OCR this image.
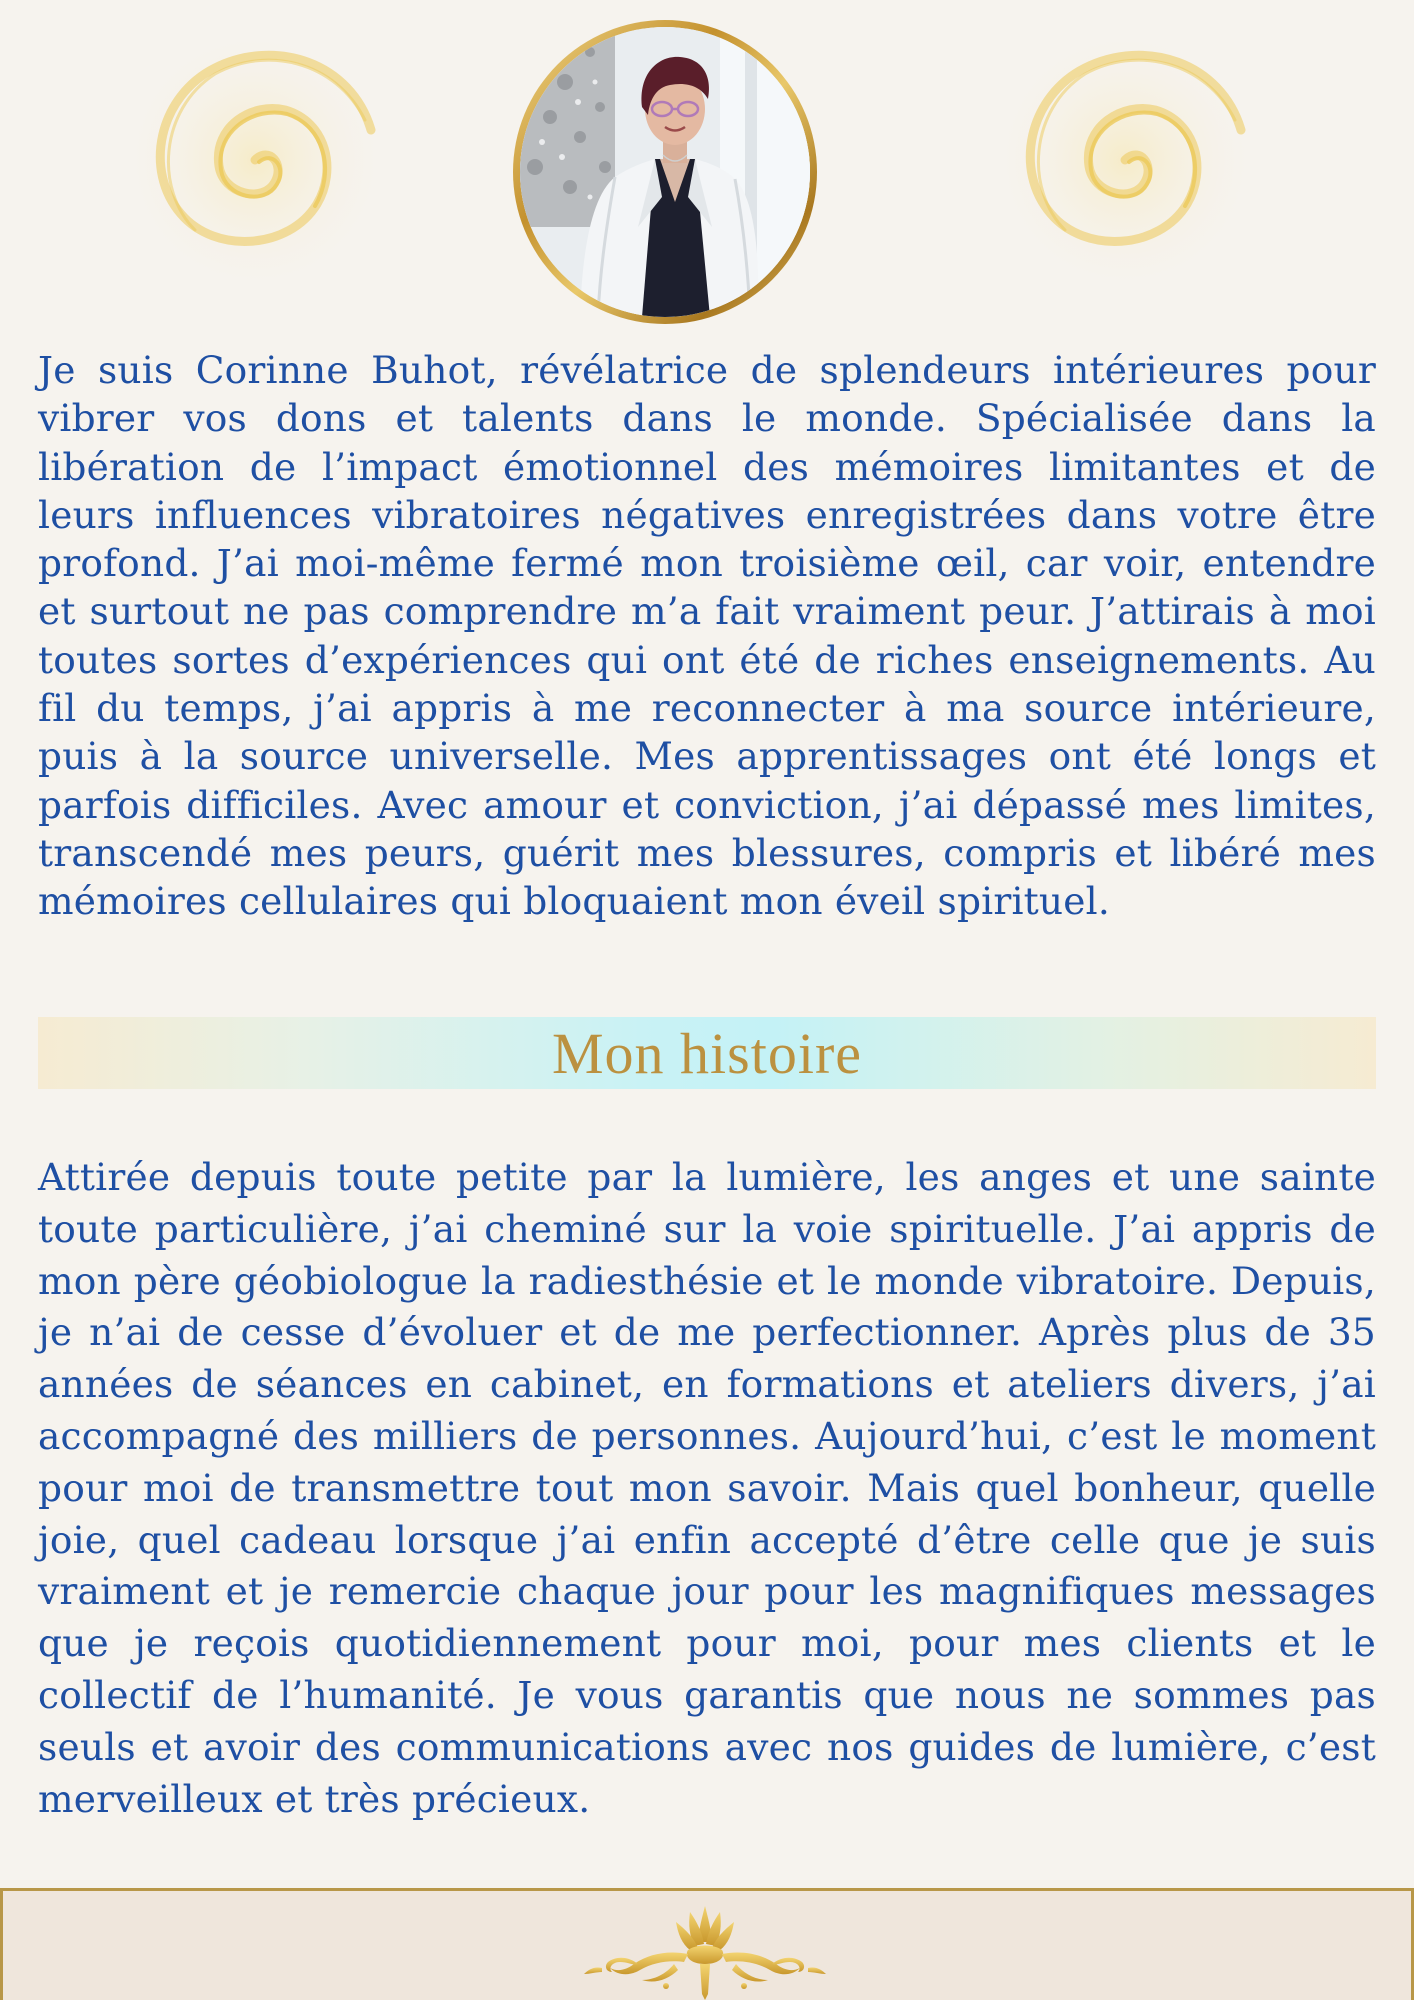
Je suis Corinne Buhot, révélatrice de splendeurs intérieures pour vibrer vos dons et talents dans le monde. Spécialisée dans la libération de l’impact émotionnel des mémoires limitantes et de leurs influences vibratoires négatives enregistrées dans votre être profond. J’ai moi-même fermé mon troisième œil, car voir, entendre et surtout ne pas comprendre m’a fait vraiment peur. J’attirais à moi toutes sortes d’expériences qui ont été de riches enseignements. Au fil du temps, j’ai appris à me reconnecter à ma source intérieure, puis à la source universelle. Mes apprentissages ont été longs et parfois difficiles. Avec amour et conviction, j’ai dépassé mes limites, transcendé mes peurs, guérit mes blessures, compris et libéré mes mémoires cellulaires qui bloquaient mon éveil spirituel.

Mon histoire

Attirée depuis toute petite par la lumière, les anges et une sainte toute particulière, j’ai cheminé sur la voie spirituelle. J’ai appris de mon père géobiologue la radiesthésie et le monde vibratoire. Depuis, je n’ai de cesse d’évoluer et de me perfectionner. Après plus de 35 années de séances en cabinet, en formations et ateliers divers, j’ai accompagné des milliers de personnes. Aujourd’hui, c’est le moment pour moi de transmettre tout mon savoir. Mais quel bonheur, quelle joie, quel cadeau lorsque j’ai enfin accepté d’être celle que je suis vraiment et je remercie chaque jour pour les magnifiques messages que je reçois quotidiennement pour moi, pour mes clients et le collectif de l’humanité. Je vous garantis que nous ne sommes pas seuls et avoir des communications avec nos guides de lumière, c’est merveilleux et très précieux.
